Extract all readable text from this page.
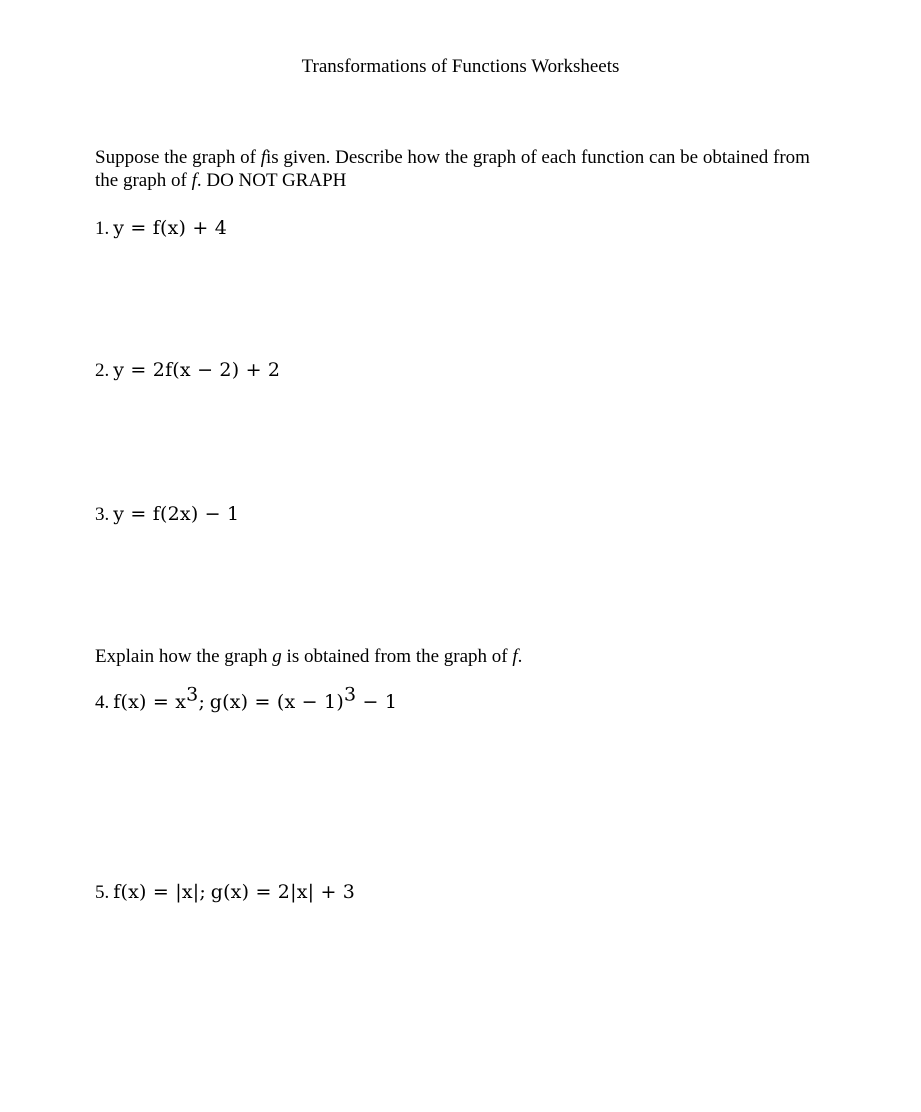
Transformations of Functions Worksheets
Suppose the graph of fis given. Describe how the graph of each function can be obtained from the graph of f. DO NOT GRAPH
1. y = f(x) + 4
2. y = 2f(x − 2) + 2
3. y = f(2x) − 1
Explain how the graph g is obtained from the graph of f.
4. $f(x) = x^3$; $g(x) = (x - 1)^3 - 1$
5. f(x) = |x|; g(x) = 2|x| + 3
